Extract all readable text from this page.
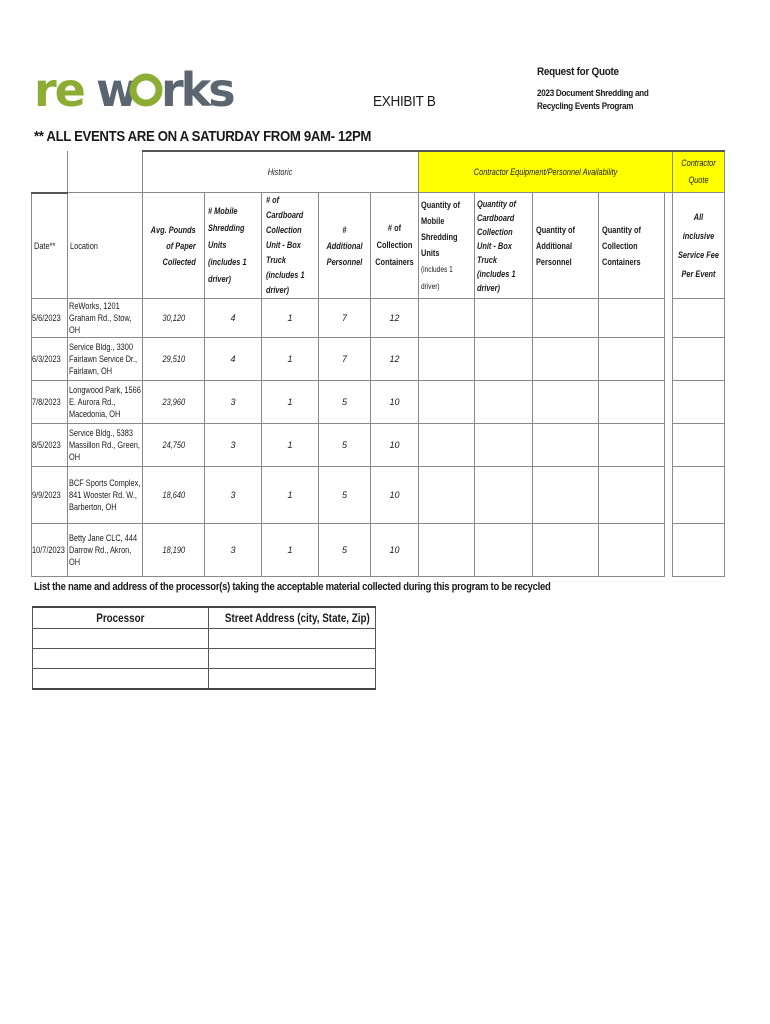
re w rks	Request for Quote
2023 Document Shredding and Recycling Events Program
EXHIBIT B
** ALL EVENTS ARE ON A SATURDAY FROM 9AM- 12PM
		Historic					Contractor Equipment/Personnel Availability					Contractor Quote

Date**	Location	Avg. Pounds of Paper Collected	# Mobile Shredding Units (includes 1 driver)	# of Cardboard Collection Unit - Box Truck (includes 1 driver)	# Additional Personnel	# of Collection Containers	Quantity of Mobile Shredding Units (includes 1 driver)	Quantity of Cardboard Collection Unit - Box Truck (includes 1 driver)	Quantity of Additional Personnel	Quantity of Collection Containers		All inclusive Service Fee Per Event

5/6/2023	ReWorks, 1201 Graham Rd., Stow, OH	30,120	4	1	7	12						
6/3/2023	Service Bldg., 3300 Fairlawn Service Dr., Fairlawn, OH	29,510	4	1	7	12						
7/8/2023	Longwood Park, 1566 E. Aurora Rd., Macedonia, OH	23,960	3	1	5	10						
8/5/2023	Service Bldg., 5383 Massillon Rd., Green, OH	24,750	3	1	5	10						
9/9/2023	BCF Sports Complex, 841 Wooster Rd. W., Barberton, OH	18,640	3	1	5	10						
10/7/2023	Betty Jane CLC, 444 Darrow Rd., Akron, OH	18,190	3	1	5	10						
List the name and address of the processor(s) taking the acceptable material collected during this program to be recycled
Processor	Street Address (city, State, Zip)
